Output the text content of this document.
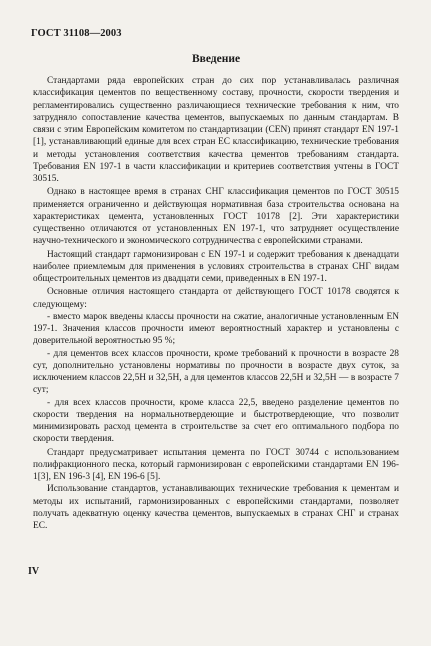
ГОСТ 31108—2003
Введение

Стандартами ряда европейских стран до сих пор устанавливалась различная классификация цементов по вещественному составу, прочности, скорости твердения и регламентировались существенно различающиеся технические требования к ним, что затрудняло сопоставление качества цементов, выпускаемых по данным стандартам. В связи с этим Европейским комитетом по стандартизации (CEN) принят стандарт EN 197-1 [1], устанавливающий единые для всех стран ЕС классификацию, технические требования и методы установления соответствия качества цементов требованиям стандарта. Требования EN 197-1 в части классификации и критериев соответствия учтены в ГОСТ 30515.

Однако в настоящее время в странах СНГ классификация цементов по ГОСТ 30515 применяется ограниченно и действующая нормативная база строительства основана на характеристиках цемента, установленных ГОСТ 10178 [2]. Эти характеристики существенно отличаются от установленных EN 197-1, что затрудняет осуществление научно-технического и экономического сотрудничества с европейскими странами.

Настоящий стандарт гармонизирован с EN 197-1 и содержит требования к двенадцати наиболее приемлемым для применения в условиях строительства в странах СНГ видам общестроительных цементов из двадцати семи, приведенных в EN 197-1.

Основные отличия настоящего стандарта от действующего ГОСТ 10178 сводятся к следующему:

- вместо марок введены классы прочности на сжатие, аналогичные установленным EN 197-1. Значения классов прочности имеют вероятностный характер и установлены с доверительной вероятностью 95 %;

- для цементов всех классов прочности, кроме требований к прочности в возрасте 28 сут, дополнительно установлены нормативы по прочности в возрасте двух суток, за исключением классов 22,5Н и 32,5Н, а для цементов классов 22,5Н и 32,5Н — в возрасте 7 сут;

- для всех классов прочности, кроме класса 22,5, введено разделение цементов по скорости твердения на нормальнотвердеющие и быстротвердеющие, что позволит минимизировать расход цемента в строительстве за счет его оптимального подбора по скорости твердения.

Стандарт предусматривает испытания цемента по ГОСТ 30744 с использованием полифракционного песка, который гармонизирован с европейскими стандартами EN 196-1[3], EN 196-3 [4], EN 196-6 [5].

Использование стандартов, устанавливающих технические требования к цементам и методы их испытаний, гармонизированных с европейскими стандартами, позволяет получать адекватную оценку качества цементов, выпускаемых в странах СНГ и странах ЕС.

IV
